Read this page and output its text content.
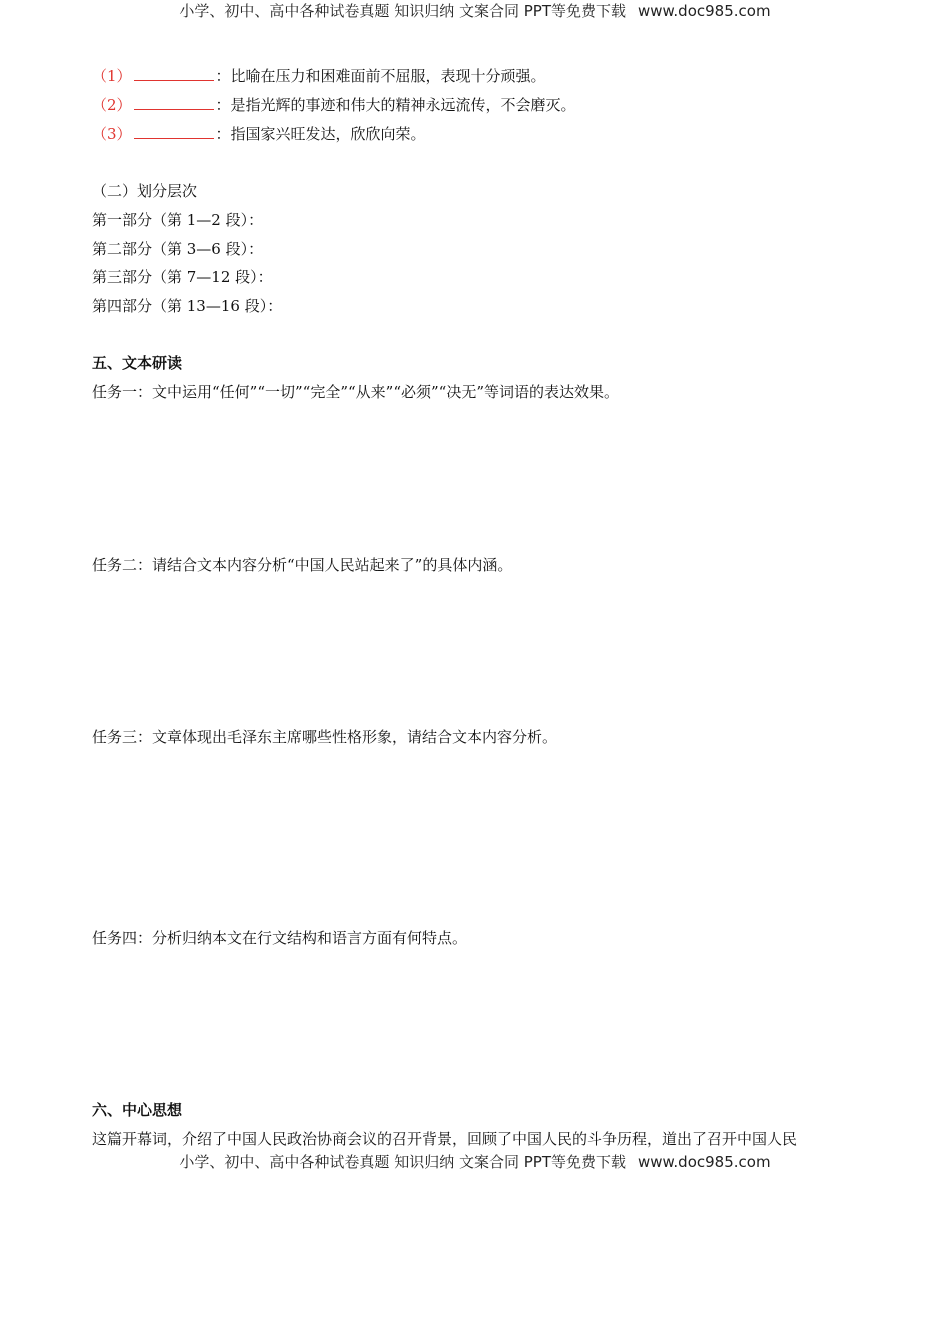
小学、初中、高中各种试卷真题 知识归纳 文案合同 PPT等免费下载 www.doc985.com
（1）	：比喻在压力和困难面前不屈服，表现十分顽强。
（2）	：是指光辉的事迹和伟大的精神永远流传，不会磨灭。
（3）	：指国家兴旺发达，欣欣向荣。
（二）划分层次
第一部分（第 1—2 段）：
第二部分（第 3—6 段）：
第三部分（第 7—12 段）：
第四部分（第 13—16 段）：
五、文本研读
任务一：文中运用“任何”“一切”“完全”“从来”“必须”“决无”等词语的表达效果。
任务二：请结合文本内容分析“中国人民站起来了”的具体内涵。
任务三：文章体现出毛泽东主席哪些性格形象，请结合文本内容分析。
任务四：分析归纳本文在行文结构和语言方面有何特点。
六、中心思想
这篇开幕词，介绍了中国人民政治协商会议的召开背景，回顾了中国人民的斗争历程，道出了召开中国人民
小学、初中、高中各种试卷真题 知识归纳 文案合同 PPT等免费下载 www.doc985.com
